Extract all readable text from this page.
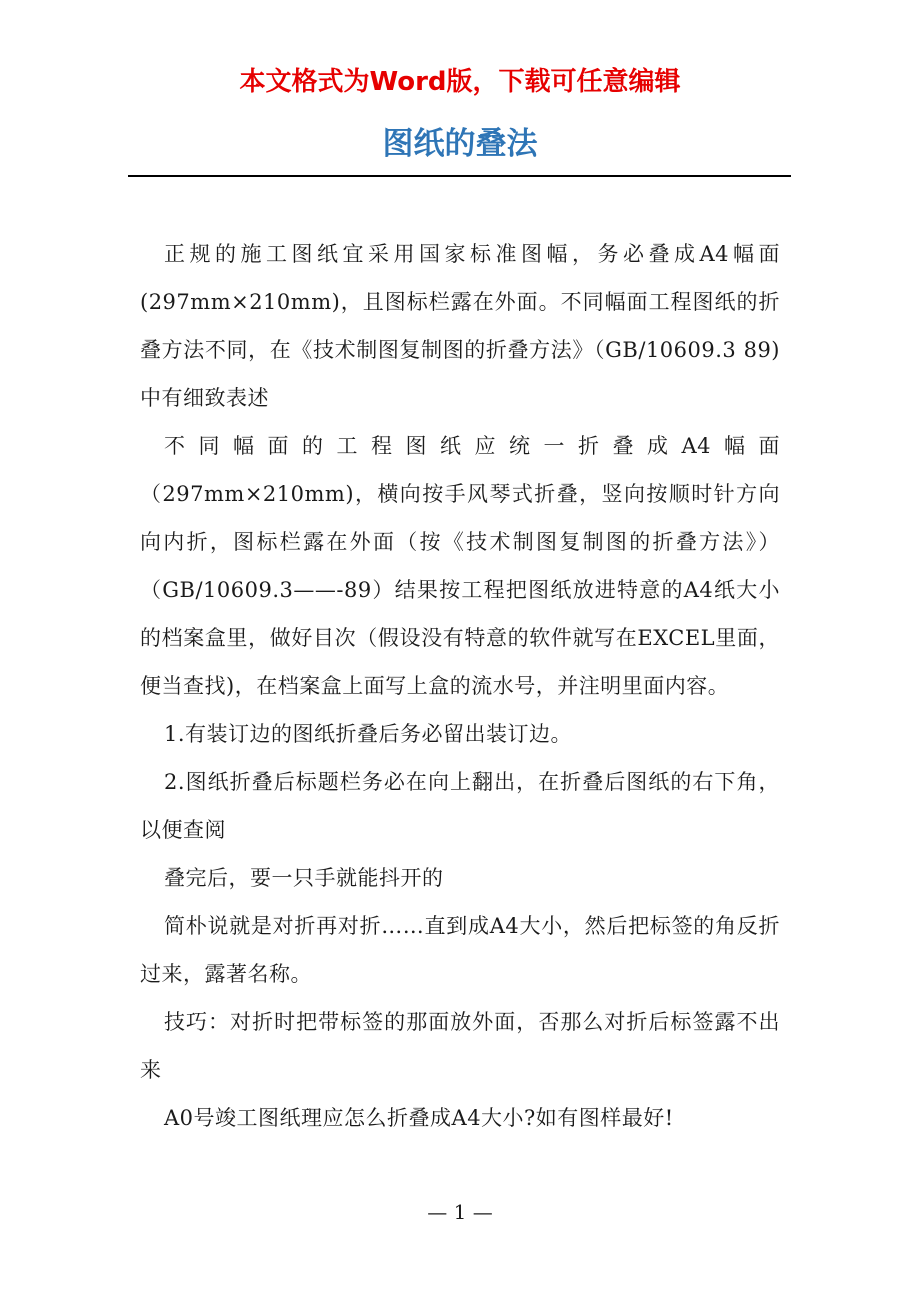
本文格式为Word版，下载可任意编辑

图纸的叠法

正规的施工图纸宜采用国家标准图幅，务必叠成A4幅面(297mm×210mm)，且图标栏露在外面。不同幅面工程图纸的折叠方法不同，在《技术制图复制图的折叠方法》（GB/10609.3 89)中有细致表述

不同幅面的工程图纸应统一折叠成A4幅面（297mm×210mm)，横向按手风琴式折叠，竖向按顺时针方向向内折，图标栏露在外面（按《技术制图复制图的折叠方法》）（GB/10609.3——-89）结果按工程把图纸放进特意的A4纸大小的档案盒里，做好目次（假设没有特意的软件就写在EXCEL里面，便当查找)，在档案盒上面写上盒的流水号，并注明里面内容。

1.有装订边的图纸折叠后务必留出装订边。

2.图纸折叠后标题栏务必在向上翻出，在折叠后图纸的右下角，以便查阅

叠完后，要一只手就能抖开的

简朴说就是对折再对折……直到成A4大小，然后把标签的角反折过来，露著名称。

技巧：对折时把带标签的那面放外面，否那么对折后标签露不出来

A0号竣工图纸理应怎么折叠成A4大小?如有图样最好!

— 1 —
